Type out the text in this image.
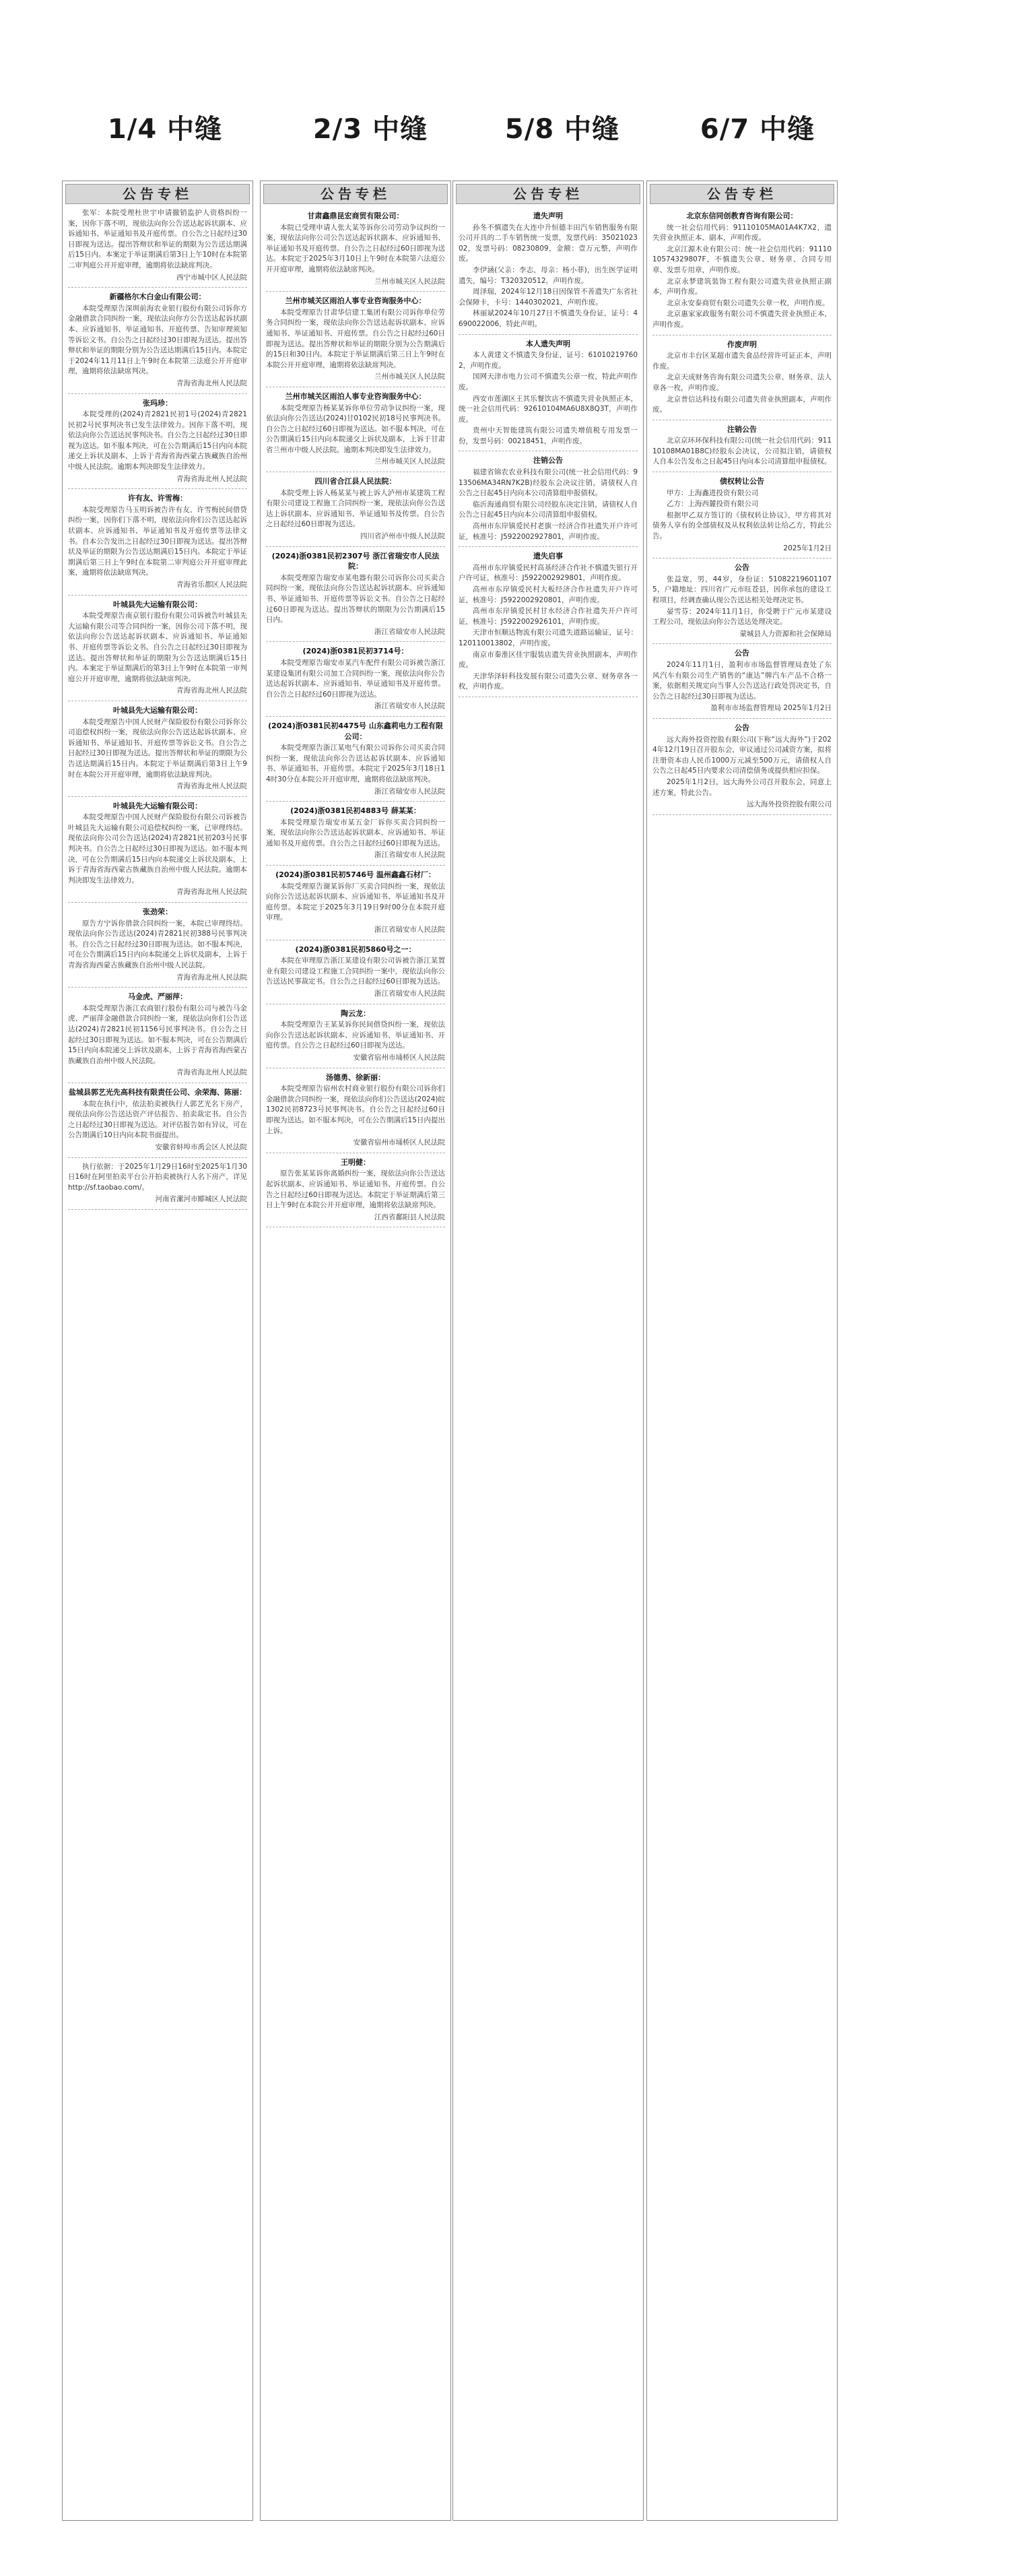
1/4 中缝	2/3 中缝	5/8 中缝	6/7 中缝
公告专栏

张军：本院受理杜世宇申请撤销监护人资格纠纷一案，因你下落不明，现依法向你公告送达起诉状副本、应诉通知书、举证通知书及开庭传票。自公告之日起经过30日即视为送达。提出答辩状和举证的期限为公告送达期满后15日内。本案定于举证期满后第3日上午10时在本院第二审判庭公开开庭审理，逾期将依法缺席判决。

西宁市城中区人民法院
新疆格尔木白金山有限公司：

本院受理原告深圳前海农业银行股份有限公司诉你方金融借款合同纠纷一案，现依法向你方公告送达起诉状副本、应诉通知书、举证通知书、开庭传票、告知审理须知等诉讼文书。自公告之日起经过30日即视为送达。提出答辩状和举证的期限分别为公告送达期满后15日内。本院定于2024年11月11日上午9时在本院第三法庭公开开庭审理，逾期将依法缺席判决。

青海省海北州人民法院
张玛珍：

本院受理的(2024)青2821民初1号(2024)青2821民初2号民事判决书已发生法律效力。因你下落不明，现依法向你公告送达民事判决书。自公告之日起经过30日即视为送达。如不服本判决，可在公告期满后15日内向本院递交上诉状及副本，上诉于青海省海西蒙古族藏族自治州中级人民法院。逾期本判决即发生法律效力。

青海省海北州人民法院
许有友、许雪梅：

本院受理原告马玉明诉被告许有友、许雪梅民间借贷纠纷一案，因你们下落不明，现依法向你们公告送达起诉状副本、应诉通知书、举证通知书及开庭传票等法律文书。自本公告发出之日起经过30日即视为送达。提出答辩状及举证的期限为公告送达期满后15日内。本院定于举证期满后第三日上午9时在本院第二审判庭公开开庭审理此案，逾期将依法缺席判决。

青海省乐都区人民法院
叶城县先大运输有限公司：

本院受理原告南京银行股份有限公司诉被告叶城县先大运输有限公司等合同纠纷一案，因你公司下落不明，现依法向你公告送达起诉状副本、应诉通知书、举证通知书、开庭传票等诉讼文书。自公告之日起经过30日即视为送达。提出答辩状和举证的期限为公告送达期满后15日内。本案定于举证期满后的第3日上午9时在本院第一审判庭公开开庭审理，逾期将依法缺席判决。

青海省海北州人民法院
叶城县先大运输有限公司：

本院受理原告中国人民财产保险股份有限公司诉你公司追偿权纠纷一案，现依法向你公告送达起诉状副本、应诉通知书、举证通知书、开庭传票等诉讼文书。自公告之日起经过30日即视为送达。提出答辩状和举证的期限为公告送达期满后15日内。本院定于举证期满后第3日上午9时在本院公开开庭审理，逾期将依法缺席判决。

青海省海北州人民法院
叶城县先大运输有限公司：

本院受理原告中国人民财产保险股份有限公司诉被告叶城县先大运输有限公司追偿权纠纷一案，已审理终结。现依法向你公司公告送达(2024)青2821民初203号民事判决书。自公告之日起经过30日即视为送达。如不服本判决，可在公告期满后15日内向本院递交上诉状及副本，上诉于青海省海西蒙古族藏族自治州中级人民法院。逾期本判决即发生法律效力。

青海省海北州人民法院
张劲荣：

原告方宁诉你借款合同纠纷一案，本院已审理终结。现依法向你公告送达(2024)青2821民初388号民事判决书。自公告之日起经过30日即视为送达。如不服本判决，可在公告期满后15日内向本院递交上诉状及副本，上诉于青海省海西蒙古族藏族自治州中级人民法院。

青海省海北州人民法院
马金虎、严丽萍：

本院受理原告浙江农商银行股份有限公司与被告马金虎、严丽萍金融借款合同纠纷一案，现依法向你们公告送达(2024)青2821民初1156号民事判决书。自公告之日起经过30日即视为送达。如不服本判决，可在公告期满后15日内向本院递交上诉状及副本，上诉于青海省海西蒙古族藏族自治州中级人民法院。

青海省海北州人民法院
盐城县郭艺光先高科技有限责任公司、余荣海、陈丽：

本院在执行中，依法拍卖被执行人郭艺光名下房产，现依法向你公告送达资产评估报告、拍卖裁定书。自公告之日起经过30日即视为送达。对评估报告如有异议，可在公告期满后10日内向本院书面提出。

安徽省蚌埠市禹会区人民法院

执行依据：于2025年1月29日16时至2025年1月30日16时在阿里拍卖平台公开拍卖被执行人名下房产，详见http://sf.taobao.com/。

河南省漯河市郾城区人民法院
公告专栏
甘肃鑫鼎昆宏商贸有限公司：

本院已受理申请人张大某等诉你公司劳动争议纠纷一案，现依法向你公司公告送达起诉状副本、应诉通知书、举证通知书及开庭传票。自公告之日起经过60日即视为送达。本院定于2025年3月10日上午9时在本院第六法庭公开开庭审理，逾期将依法缺席判决。

兰州市城关区人民法院
兰州市城关区雨泊人事专业咨询服务中心：

本院受理原告甘肃华信建工集团有限公司诉你单位劳务合同纠纷一案，现依法向你公告送达起诉状副本、应诉通知书、举证通知书、开庭传票。自公告之日起经过60日即视为送达。提出答辩状和举证的期限分别为公告期满后的15日和30日内。本院定于举证期满后第三日上午9时在本院公开开庭审理，逾期将依法缺席判决。

兰州市城关区人民法院
兰州市城关区雨泊人事专业咨询服务中心：

本院受理原告杨某某诉你单位劳动争议纠纷一案，现依法向你公告送达(2024)甘0102民初18号民事判决书。自公告之日起经过60日即视为送达。如不服本判决，可在公告期满后15日内向本院递交上诉状及副本，上诉于甘肃省兰州市中级人民法院。逾期本判决即发生法律效力。

兰州市城关区人民法院
四川省合江县人民法院：

本院受理上诉人杨某某与被上诉人泸州市某建筑工程有限公司建设工程施工合同纠纷一案，现依法向你公告送达上诉状副本、应诉通知书、举证通知书及传票。自公告之日起经过60日即视为送达。

四川省泸州市中级人民法院
(2024)浙0381民初2307号 浙江省瑞安市人民法院：

本院受理原告瑞安市某电器有限公司诉你公司买卖合同纠纷一案，现依法向你公告送达起诉状副本、应诉通知书、举证通知书、开庭传票等诉讼文书。自公告之日起经过60日即视为送达。提出答辩状的期限为公告期满后15日内。

浙江省瑞安市人民法院
(2024)浙0381民初3714号：

本院受理原告瑞安市某汽车配件有限公司诉被告浙江某建设集团有限公司加工合同纠纷一案，现依法向你公告送达起诉状副本、应诉通知书、举证通知书及开庭传票。自公告之日起经过60日即视为送达。

浙江省瑞安市人民法院
(2024)浙0381民初4475号 山东鑫莉电力工程有限公司：

本院受理原告浙江某电气有限公司诉你公司买卖合同纠纷一案，现依法向你公告送达起诉状副本、应诉通知书、举证通知书、开庭传票。本院定于2025年3月18日14时30分在本院公开开庭审理，逾期将依法缺席判决。

浙江省瑞安市人民法院
(2024)浙0381民初4883号 薛某某：

本院受理原告瑞安市某五金厂诉你买卖合同纠纷一案，现依法向你公告送达起诉状副本、应诉通知书、举证通知书及开庭传票。自公告之日起经过60日即视为送达。

浙江省瑞安市人民法院
(2024)浙0381民初5746号 温州鑫鑫石材厂：

本院受理原告谢某诉你厂买卖合同纠纷一案，现依法向你公告送达起诉状副本、应诉通知书、举证通知书及开庭传票。本院定于2025年3月19日9时00分在本院开庭审理。

浙江省瑞安市人民法院
(2024)浙0381民初5860号之一：

本院在审理原告浙江某建设有限公司诉被告浙江某置业有限公司建设工程施工合同纠纷一案中，现依法向你公告送达民事裁定书。自公告之日起经过60日即视为送达。

浙江省瑞安市人民法院
陶云龙：

本院受理原告王某某诉你民间借贷纠纷一案，现依法向你公告送达起诉状副本、应诉通知书、举证通知书、开庭传票。自公告之日起经过60日即视为送达。

安徽省宿州市埇桥区人民法院
汤德勇、徐新丽：

本院受理原告宿州农村商业银行股份有限公司诉你们金融借款合同纠纷一案，现依法向你们公告送达(2024)皖1302民初8723号民事判决书。自公告之日起经过60日即视为送达。如不服本判决，可在公告期满后15日内提出上诉。

安徽省宿州市埇桥区人民法院
王明健：

原告张某某诉你离婚纠纷一案，现依法向你公告送达起诉状副本、应诉通知书、举证通知书、开庭传票。自公告之日起经过60日即视为送达。本院定于举证期满后第三日上午9时在本院公开开庭审理，逾期将依法缺席判决。

江西省鄱阳县人民法院
公告专栏
遗失声明

孙冬不慎遗失在大连中升恒德丰田汽车销售服务有限公司开具的二手车销售统一发票，发票代码：3502102302，发票号码：08230809，金额：壹万元整，声明作废。

李伊涵(父亲：李志，母亲：杨小菲)，出生医学证明遗失，编号：T320320512，声明作废。

周泽瑞，2024年12月18日因保管不善遗失广东省社会保障卡，卡号：1440302021，声明作废。

林丽斌2024年10月27日不慎遗失身份证，证号：4690022006，特此声明。

本人遗失声明

本人黄建文不慎遗失身份证，证号：610102197602，声明作废。

国网天津市电力公司不慎遗失公章一枚，特此声明作废。

西安市莲湖区王其乐餐饮店不慎遗失营业执照正本，统一社会信用代码：92610104MA6U8X8Q3T，声明作废。

贵州中天智能建筑有限公司遗失增值税专用发票一份，发票号码：00218451，声明作废。

注销公告

福建省锦农农业科技有限公司(统一社会信用代码：913506MA34RN7K2B)经股东会决议注销，请债权人自公告之日起45日内向本公司清算组申报债权。

临沂海通商贸有限公司经股东决定注销，请债权人自公告之日起45日内向本公司清算组申报债权。

高州市东岸镇爱民村老旗一经济合作社遗失开户许可证，核准号：J5922002927801，声明作废。

遗失启事

高州市东岸镇爱民村高基经济合作社不慎遗失银行开户许可证，核准号：J5922002929801，声明作废。

高州市东岸镇爱民村大板经济合作社遗失开户许可证，核准号：J5922002920801，声明作废。

高州市东岸镇爱民村甘水经济合作社遗失开户许可证，核准号：J5922002926101，声明作废。

天津市恒顺达物流有限公司遗失道路运输证，证号：120110013802，声明作废。

南京市秦淮区佳宇服装店遗失营业执照副本，声明作废。

天津华泽轩科技发展有限公司遗失公章、财务章各一枚，声明作废。

公告专栏
北京东信同创教育咨询有限公司：

统一社会信用代码：91110105MA01A4K7X2，遗失营业执照正本、副本，声明作废。

北京江源木业有限公司：统一社会信用代码：9111010574329807F，不慎遗失公章、财务章、合同专用章、发票专用章，声明作废。

北京永梦建筑装饰工程有限公司遗失营业执照正副本，声明作废。

北京永安泰商贸有限公司遗失公章一枚，声明作废。

北京惠家家政服务有限公司不慎遗失营业执照正本，声明作废。

作废声明

北京市丰台区某超市遗失食品经营许可证正本，声明作废。

北京天成财务咨询有限公司遗失公章、财务章、法人章各一枚，声明作废。

北京普信达科技有限公司遗失营业执照副本，声明作废。

注销公告

北京京环环保科技有限公司(统一社会信用代码：91110108MA01B8C)经股东会决议，公司拟注销，请债权人自本公告发布之日起45日内向本公司清算组申报债权。

债权转让公告

甲方：上海鑫进投资有限公司

乙方：上海西麓投资有限公司

根据甲乙双方签订的《债权转让协议》，甲方将其对债务人享有的全部债权及从权利依法转让给乙方，特此公告。

2025年1月2日
公告

张益宽，男，44岁，身份证：510822196011075，户籍地址：四川省广元市旺苍县，因你承包的建设工程项目，经调查确认现公告送达相关处理决定书。

晏雪芬：2024年11月1日，你受聘于广元市某建设工程公司，现依法向你公告送达处理决定。

蒙城县人力资源和社会保障局
公告

2024年11月1日，盈利市市场监督管理局查处了东风汽车有限公司生产销售的“康达”牌汽车产品不合格一案，依据相关规定向当事人公告送达行政处罚决定书，自公告之日起经过30日即视为送达。

盈利市市场监督管理局 2025年1月2日
公告

远大海外投资控股有限公司(下称“远大海外”)于2024年12月19日召开股东会，审议通过公司减资方案，拟将注册资本由人民币1000万元减至500万元，请债权人自公告之日起45日内要求公司清偿债务或提供相应担保。

2025年1月2日，远大海外公司召开股东会，同意上述方案，特此公告。

远大海外投资控股有限公司
